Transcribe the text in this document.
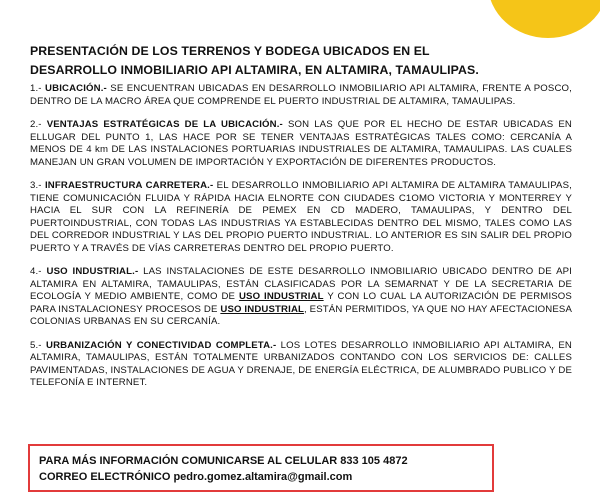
PRESENTACIÓN DE LOS TERRENOS Y BODEGA UBICADOS EN EL
DESARROLLO INMOBILIARIO API ALTAMIRA, EN ALTAMIRA, TAMAULIPAS.

1.- UBICACIÓN.- SE ENCUENTRAN UBICADAS EN DESARROLLO INMOBILIARIO API ALTAMIRA, FRENTE A POSCO, DENTRO DE LA MACRO ÁREA QUE COMPRENDE EL PUERTO INDUSTRIAL DE ALTAMIRA, TAMAULIPAS.

2.- VENTAJAS ESTRATÉGICAS DE LA UBICACIÓN.- SON LAS QUE POR EL HECHO DE ESTAR UBICADAS EN ELLUGAR DEL PUNTO 1, LAS HACE POR SE TENER VENTAJAS ESTRATÉGICAS TALES COMO: CERCANÍA A MENOS DE 4 km DE LAS INSTALACIONES PORTUARIAS INDUSTRIALES DE ALTAMIRA, TAMAULIPAS. LAS CUALES MANEJAN UN GRAN VOLUMEN DE IMPORTACIÓN Y EXPORTACIÓN DE DIFERENTES PRODUCTOS.

3.- INFRAESTRUCTURA CARRETERA.- EL DESARROLLO INMOBILIARIO API ALTAMIRA DE ALTAMIRA TAMAULIPAS, TIENE COMUNICACIÓN FLUIDA Y RÁPIDA HACIA ELNORTE CON CIUDADES C1OMO VICTORIA Y MONTERREY Y HACIA EL SUR CON LA REFINERÍA DE PEMEX EN CD MADERO, TAMAULIPAS, Y DENTRO DEL PUERTOINDUSTRIAL, CON TODAS LAS INDUSTRIAS YA ESTABLECIDAS DENTRO DEL MISMO, TALES COMO LAS DEL CORREDOR INDUSTRIAL Y LAS DEL PROPIO PUERTO INDUSTRIAL. LO ANTERIOR ES SIN SALIR DEL PROPIO PUERTO Y A TRAVÉS DE VÍAS CARRETERAS DENTRO DEL PROPIO PUERTO.

4.- USO INDUSTRIAL.- LAS INSTALACIONES DE ESTE DESARROLLO INMOBILIARIO UBICADO DENTRO DE API ALTAMIRA EN ALTAMIRA, TAMAULIPAS, ESTÁN CLASIFICADAS POR LA SEMARNAT Y DE LA SECRETARIA DE ECOLOGÍA Y MEDIO AMBIENTE, COMO DE USO INDUSTRIAL Y CON LO CUAL LA AUTORIZACIÓN DE PERMISOS PARA INSTALACIONESY PROCESOS DE USO INDUSTRIAL, ESTÁN PERMITIDOS, YA QUE NO HAY AFECTACIONESA COLONIAS URBANAS EN SU CERCANÍA.

5.- URBANIZACIÓN Y CONECTIVIDAD COMPLETA.- LOS LOTES DESARROLLO INMOBILIARIO API ALTAMIRA, EN ALTAMIRA, TAMAULIPAS, ESTÁN TOTALMENTE URBANIZADOS CONTANDO CON LOS SERVICIOS DE: CALLES PAVIMENTADAS, INSTALACIONES DE AGUA Y DRENAJE, DE ENERGÍA ELÉCTRICA, DE ALUMBRADO PUBLICO Y DE TELEFONÍA E INTERNET.

PARA MÁS INFORMACIÓN COMUNICARSE AL CELULAR 833 105 4872
CORREO ELECTRÓNICO pedro.gomez.altamira@gmail.com
